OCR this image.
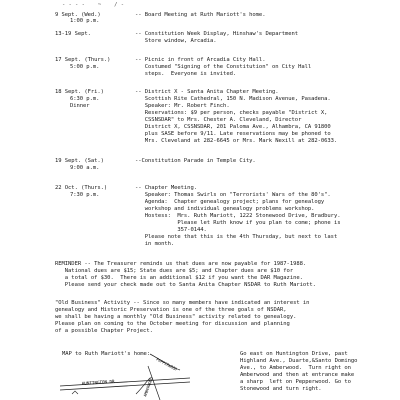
- - - -    ~    / -
9 Sept. (Wed.)
1:00 p.m.
-- Board Meeting at Ruth Mariott's home.
13-19 Sept.	-- Constitution Week Display, Hinshaw's Department
Store window, Arcadia.
17 Sept. (Thurs.)
5:00 p.m.
-- Picnic in front of Arcadia City Hall.
Costumed "Signing of the Constitution" on City Hall
steps.  Everyone is invited.
18 Sept. (Fri.)
6:30 p.m.
Dinner
-- District X - Santa Anita Chapter Meeting.
Scottish Rite Cathedral, 150 N. Madison Avenue, Pasadena.
Speaker: Mr. Robert Finch.
Reservations: $9 per person, checks payable "District X,
CSSNSDAR" to Mrs. Chester A. Cleveland, Director
District X, CSSNSDAR, 201 Paloma Ave., Alhambra, CA 91800
plus SASE before 9/11. Late reservations may be phoned to
Mrs. Cleveland at 282-6645 or Mrs. Mark Nexill at 282-0633.
19 Sept. (Sat.)
9:00 a.m.
--Constitution Parade in Temple City.
22 Oct. (Thurs.)
7:30 p.m.
-- Chapter Meeting.
Speaker: Thomas Swirls on "Terrorists' Wars of the 80's".
Agenda:  Chapter genealogy project; plans for genealogy
workshop and individual genealogy problems workshop.
Hostess:  Mrs. Ruth Mariott, 1222 Stonewood Drive, Bradbury.
Please let Ruth know if you plan to come; phone is
357-0144.
Please note that this is the 4th Thursday, but next to last
in month.
REMINDER -- The Treasurer reminds us that dues are now payable for 1987-1988.
National dues are $15; State dues are $5; and Chapter dues are $10 for
a total of $30.  There is an additional $12 if you want the DAR Magazine.
Please send your check made out to Santa Anita Chapter NSDAR to Ruth Mariott.
"Old Business" Activity -- Since so many members have indicated an interest in
genealogy and Historic Preservation is one of the three goals of NSDAR,
we shall be having a monthly "Old Business" activity related to genealogy.
Please plan on coming to the October meeting for discussion and planning
of a possible Chapter Project.
MAP to Ruth Mariott's home:
HUNTINGTON DR
PEPPERWOOD
AMBERWOOD
Go east on Huntington Drive, past
Highland Ave., Duarte,&Santo Domingo
Ave., to Amberwood.  Turn right on
Amberwood and then at entrance make
a sharp  left on Pepperwood. Go to
Stonewood and turn right.
